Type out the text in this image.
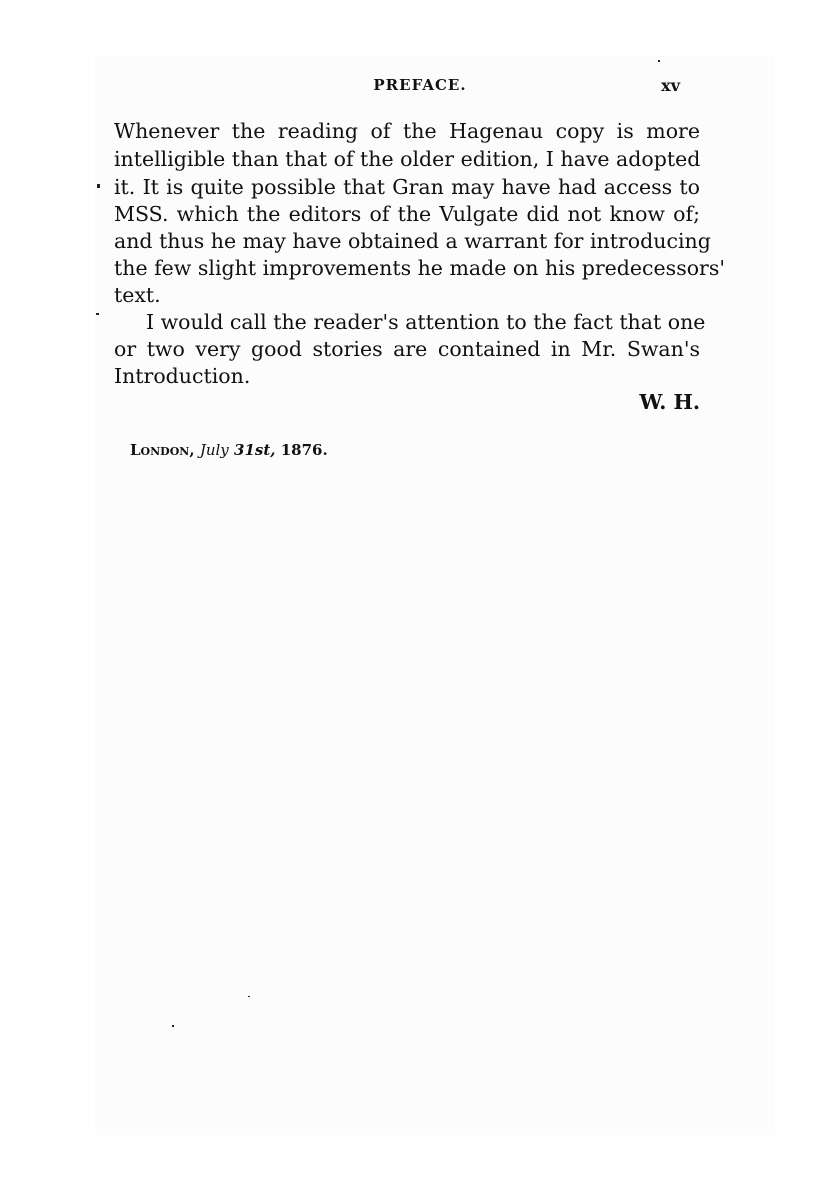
PREFACE.	xv
Whenever the reading of the Hagenau copy is more
intelligible than that of the older edition, I have adopted
it. It is quite possible that Gran may have had access to
MSS. which the editors of the Vulgate did not know of;
and thus he may have obtained a warrant for introducing
the few slight improvements he made on his predecessors'
text.
I would call the reader's attention to the fact that one
or two very good stories are contained in Mr. Swan's
Introduction.
W. H.
London, July 31st, 1876.
